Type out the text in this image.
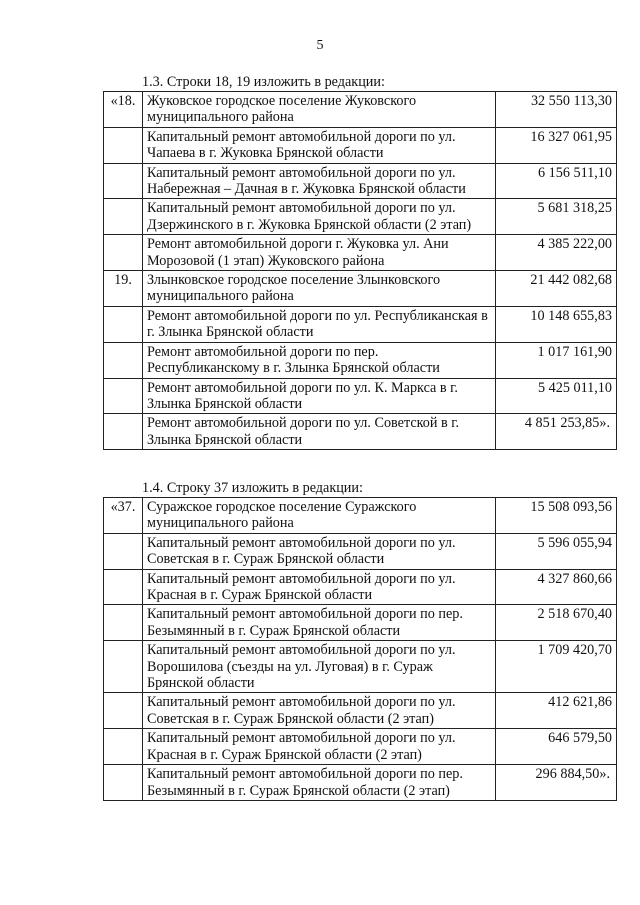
5
1.3. Строки 18, 19 изложить в редакции:
«18.	Жуковское городское поселение Жуковского муниципального района	32 550 113,30
	Капитальный ремонт автомобильной дороги по ул. Чапаева в г. Жуковка Брянской области	16 327 061,95
	Капитальный ремонт автомобильной дороги по ул. Набережная – Дачная в г. Жуковка Брянской области	6 156 511,10
	Капитальный ремонт автомобильной дороги по ул. Дзержинского в г. Жуковка Брянской области (2 этап)	5 681 318,25
	Ремонт автомобильной дороги г. Жуковка ул. Ани Морозовой (1 этап) Жуковского района	4 385 222,00
19.	Злынковское городское поселение Злынковского муниципального района	21 442 082,68
	Ремонт автомобильной дороги по ул. Республиканская в г. Злынка Брянской области	10 148 655,83
	Ремонт автомобильной дороги по пер. Республиканскому в г. Злынка Брянской области	1 017 161,90
	Ремонт автомобильной дороги по ул. К. Маркса в г. Злынка Брянской области	5 425 011,10
	Ремонт автомобильной дороги по ул. Советской в г. Злынка Брянской области	4 851 253,85».
1.4. Строку 37 изложить в редакции:
«37.	Суражское городское поселение Суражского муниципального района	15 508 093,56
	Капитальный ремонт автомобильной дороги по ул. Советская в г. Сураж Брянской области	5 596 055,94
	Капитальный ремонт автомобильной дороги по ул. Красная в г. Сураж Брянской области	4 327 860,66
	Капитальный ремонт автомобильной дороги по пер. Безымянный в г. Сураж Брянской области	2 518 670,40
	Капитальный ремонт автомобильной дороги по ул. Ворошилова (съезды на ул. Луговая) в г. Сураж Брянской области	1 709 420,70
	Капитальный ремонт автомобильной дороги по ул. Советская в г. Сураж Брянской области (2 этап)	412 621,86
	Капитальный ремонт автомобильной дороги по ул. Красная в г. Сураж Брянской области (2 этап)	646 579,50
	Капитальный ремонт автомобильной дороги по пер. Безымянный в г. Сураж Брянской области (2 этап)	296 884,50».
